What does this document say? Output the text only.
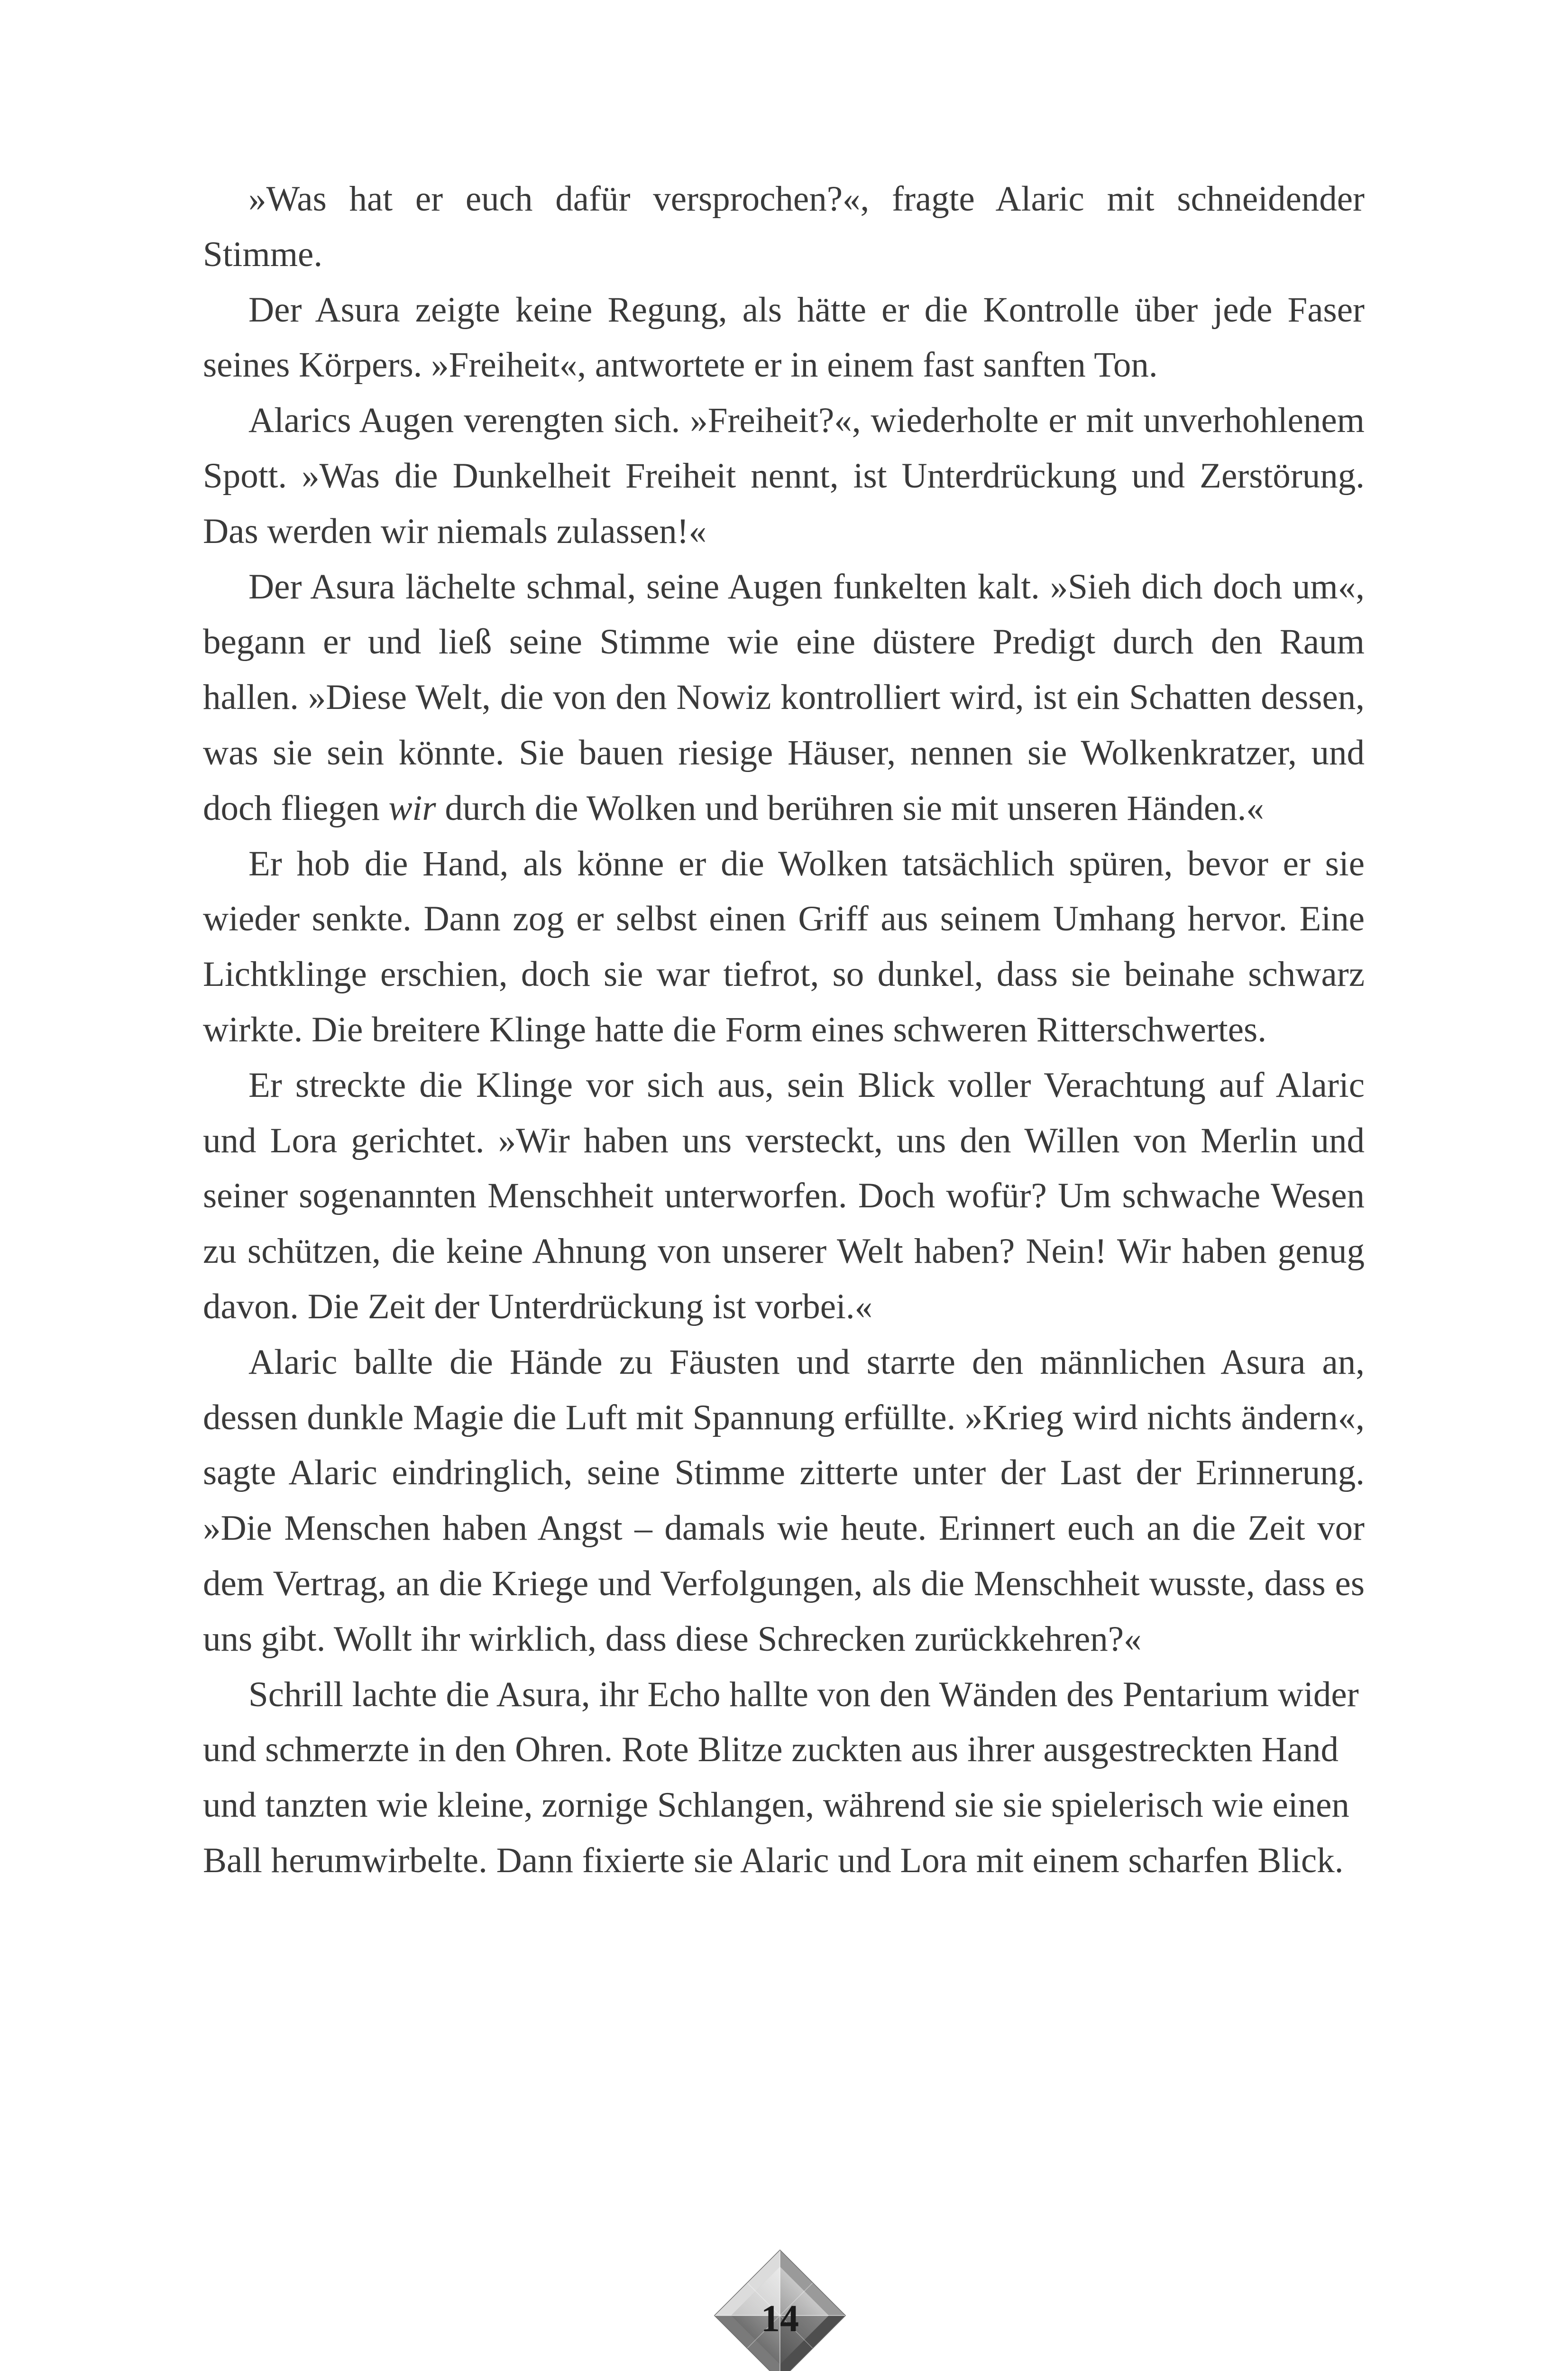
»Was hat er euch dafür versprochen?«, fragte Alaric mit schneidender Stimme.

Der Asura zeigte keine Regung, als hätte er die Kontrolle über jede Faser seines Körpers. »Freiheit«, antwortete er in einem fast sanften Ton.

Alarics Augen verengten sich. »Freiheit?«, wiederholte er mit unverhohlenem Spott. »Was die Dunkelheit Freiheit nennt, ist Unterdrückung und Zerstörung. Das werden wir niemals zulassen!«

Der Asura lächelte schmal, seine Augen funkelten kalt. »Sieh dich doch um«, begann er und ließ seine Stimme wie eine düstere Predigt durch den Raum hallen. »Diese Welt, die von den Nowiz kontrolliert wird, ist ein Schatten dessen, was sie sein könnte. Sie bauen riesige Häuser, nennen sie Wolkenkratzer, und doch fliegen wir durch die Wolken und berühren sie mit unseren Händen.«

Er hob die Hand, als könne er die Wolken tatsächlich spüren, bevor er sie wieder senkte. Dann zog er selbst einen Griff aus seinem Umhang hervor. Eine Lichtklinge erschien, doch sie war tiefrot, so dunkel, dass sie beinahe schwarz wirkte. Die breitere Klinge hatte die Form eines schweren Ritterschwertes.

Er streckte die Klinge vor sich aus, sein Blick voller Verachtung auf Alaric und Lora gerichtet. »Wir haben uns versteckt, uns den Willen von Merlin und seiner sogenannten Menschheit unterworfen. Doch wofür? Um schwache Wesen zu schützen, die keine Ahnung von unserer Welt haben? Nein! Wir haben genug davon. Die Zeit der Unterdrückung ist vorbei.«

Alaric ballte die Hände zu Fäusten und starrte den männlichen Asura an, dessen dunkle Magie die Luft mit Spannung erfüllte. »Krieg wird nichts ändern«, sagte Alaric eindringlich, seine Stimme zitterte unter der Last der Erinnerung. »Die Menschen haben Angst – damals wie heute. Erinnert euch an die Zeit vor dem Vertrag, an die Kriege und Verfolgungen, als die Menschheit wusste, dass es uns gibt. Wollt ihr wirklich, dass diese Schrecken zurückkehren?«

Schrill lachte die Asura, ihr Echo hallte von den Wänden des Pentarium wider und schmerzte in den Ohren. Rote Blitze zuckten aus ihrer ausgestreckten Hand und tanzten wie kleine, zornige Schlangen, während sie sie spielerisch wie einen Ball herumwirbelte. Dann fixierte sie Alaric und Lora mit einem scharfen Blick.

14
